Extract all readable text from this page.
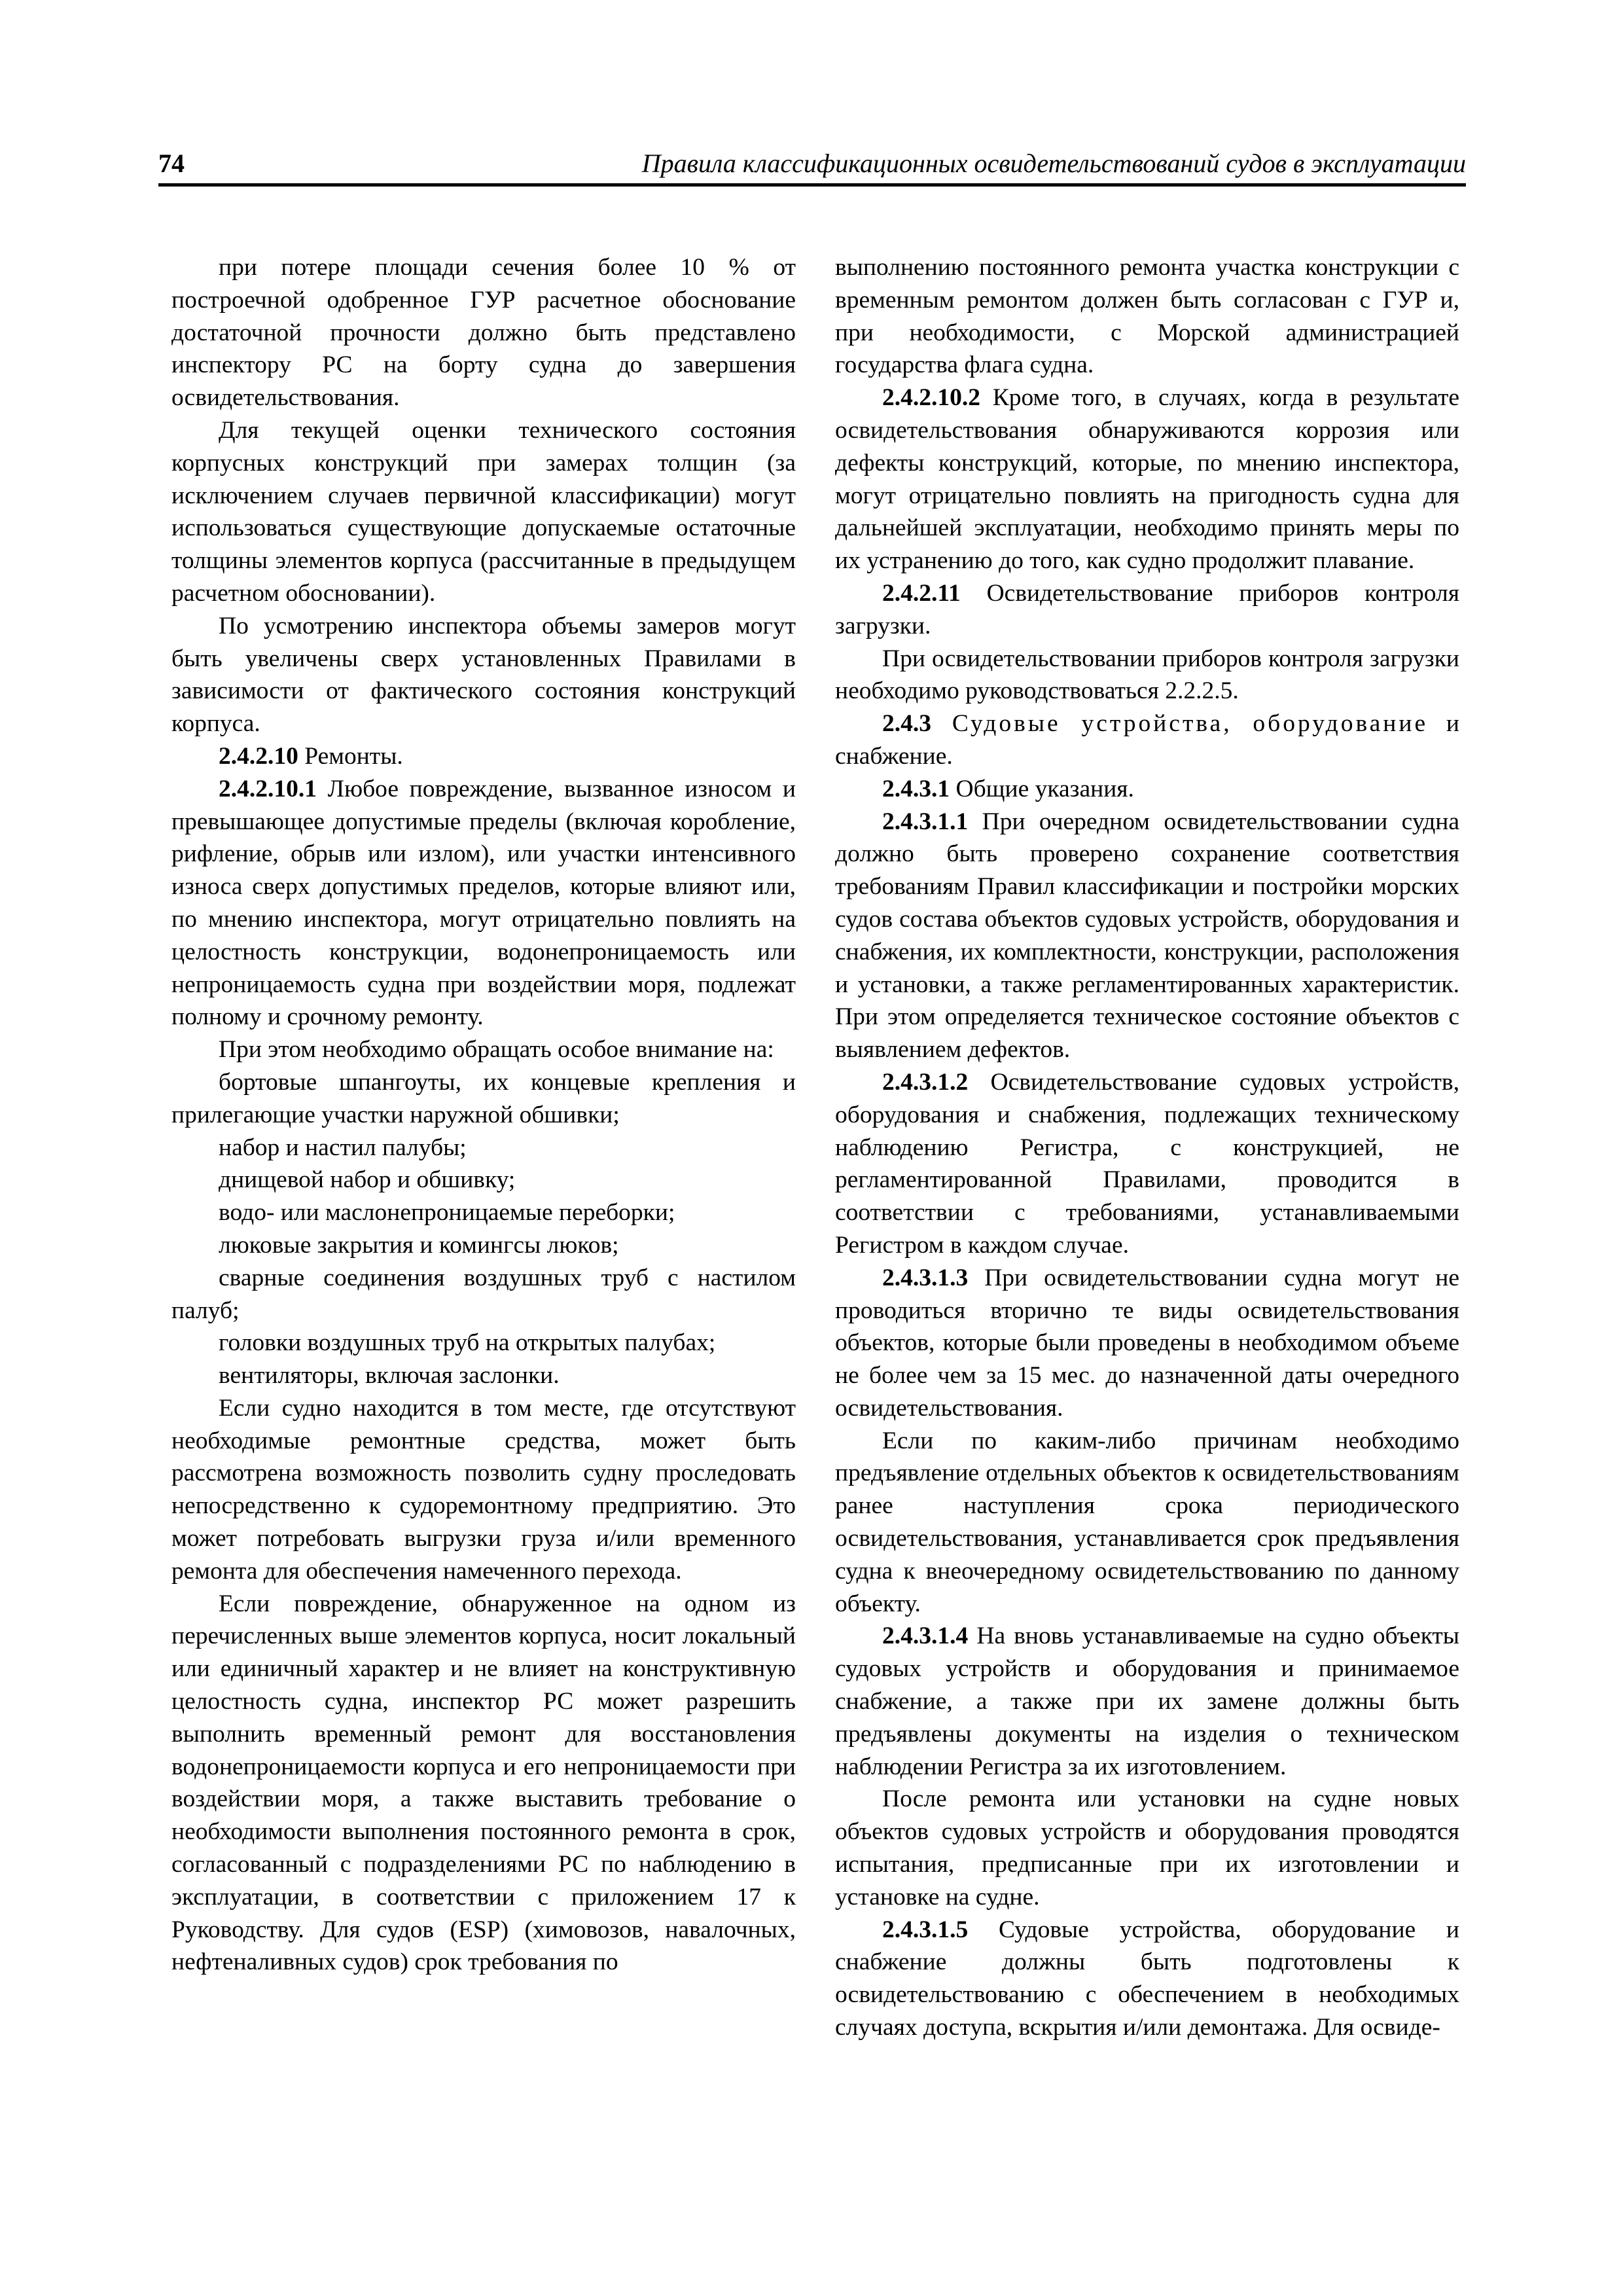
74	Правила классификационных освидетельствований судов в эксплуатации

при потере площади сечения более 10 % от построечной одобренное ГУР расчетное обоснование достаточной прочности должно быть представлено инспектору РС на борту судна до завершения освидетельствования.

Для текущей оценки технического состояния корпусных конструкций при замерах толщин (за исключением случаев первичной классификации) могут использоваться существующие допускаемые остаточные толщины элементов корпуса (рассчитанные в предыдущем расчетном обосновании).

По усмотрению инспектора объемы замеров могут быть увеличены сверх установленных Правилами в зависимости от фактического состояния конструкций корпуса.

2.4.2.10 Ремонты.

2.4.2.10.1 Любое повреждение, вызванное износом и превышающее допустимые пределы (включая коробление, рифление, обрыв или излом), или участки интенсивного износа сверх допустимых пределов, которые влияют или, по мнению инспектора, могут отрицательно повлиять на целостность конструкции, водонепроницаемость или непроницаемость судна при воздействии моря, подлежат полному и срочному ремонту.

При этом необходимо обращать особое внимание на:

бортовые шпангоуты, их концевые крепления и прилегающие участки наружной обшивки;

набор и настил палубы;

днищевой набор и обшивку;

водо- или маслонепроницаемые переборки;

люковые закрытия и комингсы люков;

сварные соединения воздушных труб с настилом палуб;

головки воздушных труб на открытых палубах;

вентиляторы, включая заслонки.

Если судно находится в том месте, где отсутствуют необходимые ремонтные средства, может быть рассмотрена возможность позволить судну проследовать непосредственно к судоремонтному предприятию. Это может потребовать выгрузки груза и/или временного ремонта для обеспечения намеченного перехода.

Если повреждение, обнаруженное на одном из перечисленных выше элементов корпуса, носит локальный или единичный характер и не влияет на конструктивную целостность судна, инспектор РС может разрешить выполнить временный ремонт для восстановления водонепроницаемости корпуса и его непроницаемости при воздействии моря, а также выставить требование о необходимости выполнения постоянного ремонта в срок, согласованный с подразделениями РС по наблюдению в эксплуатации, в соответствии с приложением 17 к Руководству. Для судов (ESP) (химовозов, навалочных, нефтеналивных судов) срок требования по

выполнению постоянного ремонта участка конструкции с временным ремонтом должен быть согласован с ГУР и, при необходимости, с Морской администрацией государства флага судна.

2.4.2.10.2 Кроме того, в случаях, когда в результате освидетельствования обнаруживаются коррозия или дефекты конструкций, которые, по мнению инспектора, могут отрицательно повлиять на пригодность судна для дальнейшей эксплуатации, необходимо принять меры по их устранению до того, как судно продолжит плавание.

2.4.2.11 Освидетельствование приборов контроля загрузки.

При освидетельствовании приборов контроля загрузки необходимо руководствоваться 2.2.2.5.

2.4.3 Судовые устройства, оборудование и снабжение.

2.4.3.1 Общие указания.

2.4.3.1.1 При очередном освидетельствовании судна должно быть проверено сохранение соответствия требованиям Правил классификации и постройки морских судов состава объектов судовых устройств, оборудования и снабжения, их комплектности, конструкции, расположения и установки, а также регламентированных характеристик. При этом определяется техническое состояние объектов с выявлением дефектов.

2.4.3.1.2 Освидетельствование судовых устройств, оборудования и снабжения, подлежащих техническому наблюдению Регистра, с конструкцией, не регламентированной Правилами, проводится в соответствии с требованиями, устанавливаемыми Регистром в каждом случае.

2.4.3.1.3 При освидетельствовании судна могут не проводиться вторично те виды освидетельствования объектов, которые были проведены в необходимом объеме не более чем за 15 мес. до назначенной даты очередного освидетельствования.

Если по каким-либо причинам необходимо предъявление отдельных объектов к освидетельствованиям ранее наступления срока периодического освидетельствования, устанавливается срок предъявления судна к внеочередному освидетельствованию по данному объекту.

2.4.3.1.4 На вновь устанавливаемые на судно объекты судовых устройств и оборудования и принимаемое снабжение, а также при их замене должны быть предъявлены документы на изделия о техническом наблюдении Регистра за их изготовлением.

После ремонта или установки на судне новых объектов судовых устройств и оборудования проводятся испытания, предписанные при их изготовлении и установке на судне.

2.4.3.1.5 Судовые устройства, оборудование и снабжение должны быть подготовлены к освидетельствованию с обеспечением в необходимых случаях доступа, вскрытия и/или демонтажа. Для освиде-
